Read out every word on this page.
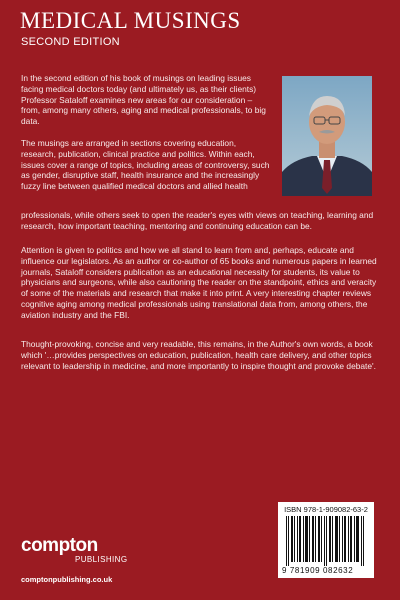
MEDICAL MUSINGS
SECOND EDITION

In the second edition of his book of musings on leading issues facing medical doctors today (and ultimately us, as their clients) Professor Sataloff examines new areas for our consideration – from, among many others, aging and medical professionals, to big data.

The musings are arranged in sections covering education, research, publication, clinical practice and politics. Within each, issues cover a range of topics, including areas of controversy, such as gender, disruptive staff, health insurance and the increasingly fuzzy line between qualified medical doctors and allied health

professionals, while others seek to open the reader's eyes with views on teaching, learning and research, how important teaching, mentoring and continuing education can be.

Attention is given to politics and how we all stand to learn from and, perhaps, educate and influence our legislators. As an author or co-author of 65 books and numerous papers in learned journals, Sataloff considers publication as an educational necessity for students, its value to physicians and surgeons, while also cautioning the reader on the standpoint, ethics and veracity of some of the materials and research that make it into print. A very interesting chapter reviews cognitive aging among medical professionals using translational data from, among others, the aviation industry and the FBI.

Thought-provoking, concise and very readable, this remains, in the Author's own words, a book which '…provides perspectives on education, publication, health care delivery, and other topics relevant to leadership in medicine, and more importantly to inspire thought and provoke debate'.

ISBN 978-1-909082-63-2
9 781909 082632
compton
PUBLISHING
comptonpublishing.co.uk
